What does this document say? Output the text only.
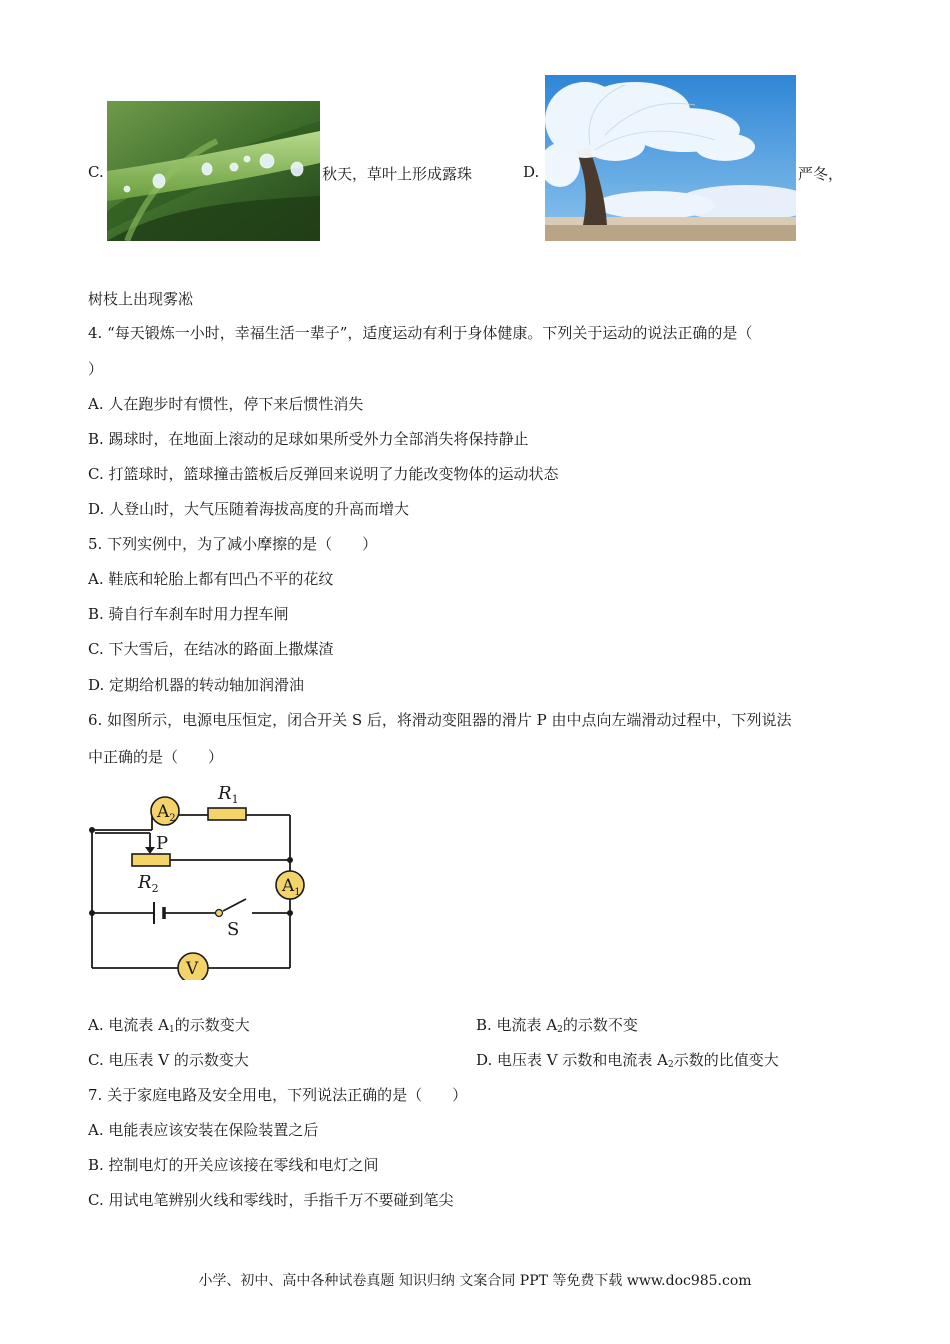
C.	秋天，草叶上形成露珠	D.	严冬，
树枝上出现雾凇
4. “每天锻炼一小时，幸福生活一辈子”，适度运动有利于身体健康。下列关于运动的说法正确的是（
）
A. 人在跑步时有惯性，停下来后惯性消失
B. 踢球时，在地面上滚动的足球如果所受外力全部消失将保持静止
C. 打篮球时，篮球撞击篮板后反弹回来说明了力能改变物体的运动状态
D. 人登山时，大气压随着海拔高度的升高而增大
5. 下列实例中，为了减小摩擦的是（　　）
A. 鞋底和轮胎上都有凹凸不平的花纹
B. 骑自行车刹车时用力捏车闸
C. 下大雪后，在结冰的路面上撒煤渣
D. 定期给机器的转动轴加润滑油
6. 如图所示，电源电压恒定，闭合开关 S 后，将滑动变阻器的滑片 P 由中点向左端滑动过程中，下列说法
中正确的是（　　）
$A_2$
$R_1$
P
$R_2$	$A_1$
S
V
A. 电流表 $A_1$的示数变大	B. 电流表 $A_2$的示数不变
C. 电压表 V 的示数变大	D. 电压表 V 示数和电流表 $A_2$示数的比值变大
7. 关于家庭电路及安全用电，下列说法正确的是（　　）
A. 电能表应该安装在保险装置之后
B. 控制电灯的开关应该接在零线和电灯之间
C. 用试电笔辨别火线和零线时，手指千万不要碰到笔尖
小学、初中、高中各种试卷真题 知识归纳 文案合同 PPT 等免费下载 www.doc985.com
